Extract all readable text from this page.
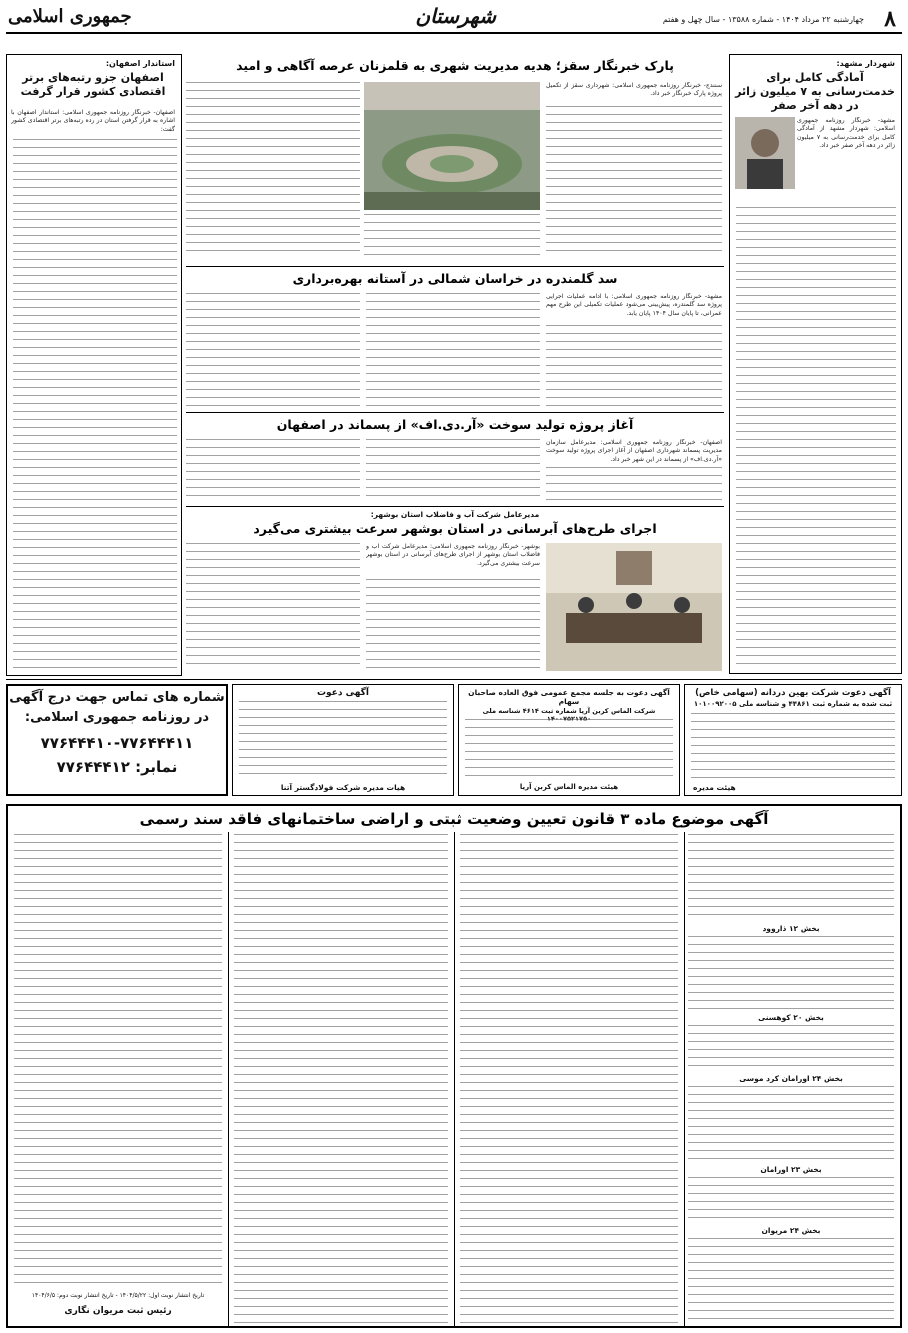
۸
چهارشنبه ۲۲ مرداد ۱۴۰۴ - شماره ۱۳۵۸۸ - سال چهل و هفتم
شهرستان
جمهوری اسلامی
شهردار مشهد:
آمادگی کامل برای خدمت‌رسانی به ۷ میلیون زائر در دهه آخر صفر
مشهد- خبرنگار روزنامه جمهوری اسلامی: شهردار مشهد از آمادگی کامل برای خدمت‌رسانی به ۷ میلیون زائر در دهه آخر صفر خبر داد.
استاندار اصفهان:
اصفهان جزو رتبه‌های برتر اقتصادی کشور قرار گرفت
اصفهان- خبرنگار روزنامه جمهوری اسلامی: استاندار اصفهان با اشاره به قرار گرفتن استان در رده رتبه‌های برتر اقتصادی کشور گفت:
پارک خبرنگار سقز؛ هدیه مدیریت شهری به قلمزنان عرصه آگاهی و امید
سنندج- خبرنگار روزنامه جمهوری اسلامی: شهرداری سقز از تکمیل پروژه پارک خبرنگار خبر داد.
سد گلمندره در خراسان شمالی در آستانه بهره‌برداری
مشهد- خبرنگار روزنامه جمهوری اسلامی: با ادامه عملیات اجرایی پروژه سد گلمندره، پیش‌بینی می‌شود عملیات تکمیلی این طرح مهم عمرانی، تا پایان سال ۱۴۰۴ پایان یابد.
آغاز پروژه تولید سوخت «آر.دی.اف» از پسماند در اصفهان
اصفهان- خبرنگار روزنامه جمهوری اسلامی: مدیرعامل سازمان مدیریت پسماند شهرداری اصفهان از آغاز اجرای پروژه تولید سوخت «آر.دی.اف» از پسماند در این شهر خبر داد.
مدیرعامل شرکت آب و فاضلاب استان بوشهر:
اجرای طرح‌های آبرسانی در استان بوشهر سرعت بیشتری می‌گیرد
بوشهر- خبرنگار روزنامه جمهوری اسلامی: مدیرعامل شرکت آب و فاضلاب استان بوشهر از اجرای طرح‌های آبرسانی در استان بوشهر سرعت بیشتری می‌گیرد.
شماره های تماس جهت درج آگهی
در روزنامه جمهوری اسلامی:
۷۷۶۴۴۴۱۰-۷۷۶۴۴۴۱۱
نمابر: ۷۷۶۴۴۴۱۲
آگهی دعوت
هیات مدیره شرکت فولادگستر آتنا
آگهی دعوت به جلسه مجمع عمومی فوق العاده صاحبان سهام
شرکت الماس کربن آریا شماره ثبت ۴۶۱۴ شناسه ملی
هیئت مدیره الماس کربن آریا
آگهی دعوت شرکت بهین دردانه (سهامی خاص)
ثبت شده به شماره ثبت ۴۴۸۶۱ و شناسه ملی ۱۰۱۰۰۹۲۰۰۵
هیئت مدیره
آگهی موضوع ماده ۳ قانون تعیین وضعیت ثبتی و اراضی ساختمانهای فاقد سند رسمی
بخش ۱۲ ذاروود
بخش ۲۰ کوهسنی
بخش ۲۴ اورامان کرد موسی
بخش ۲۳ اورامان
بخش ۲۴ مریوان
تاریخ انتشار نوبت اول: ۱۴۰۴/۵/۲۲ - تاریخ انتشار نوبت دوم: ۱۴۰۴/۶/۵
رئیس ثبت مریوان نگاری
